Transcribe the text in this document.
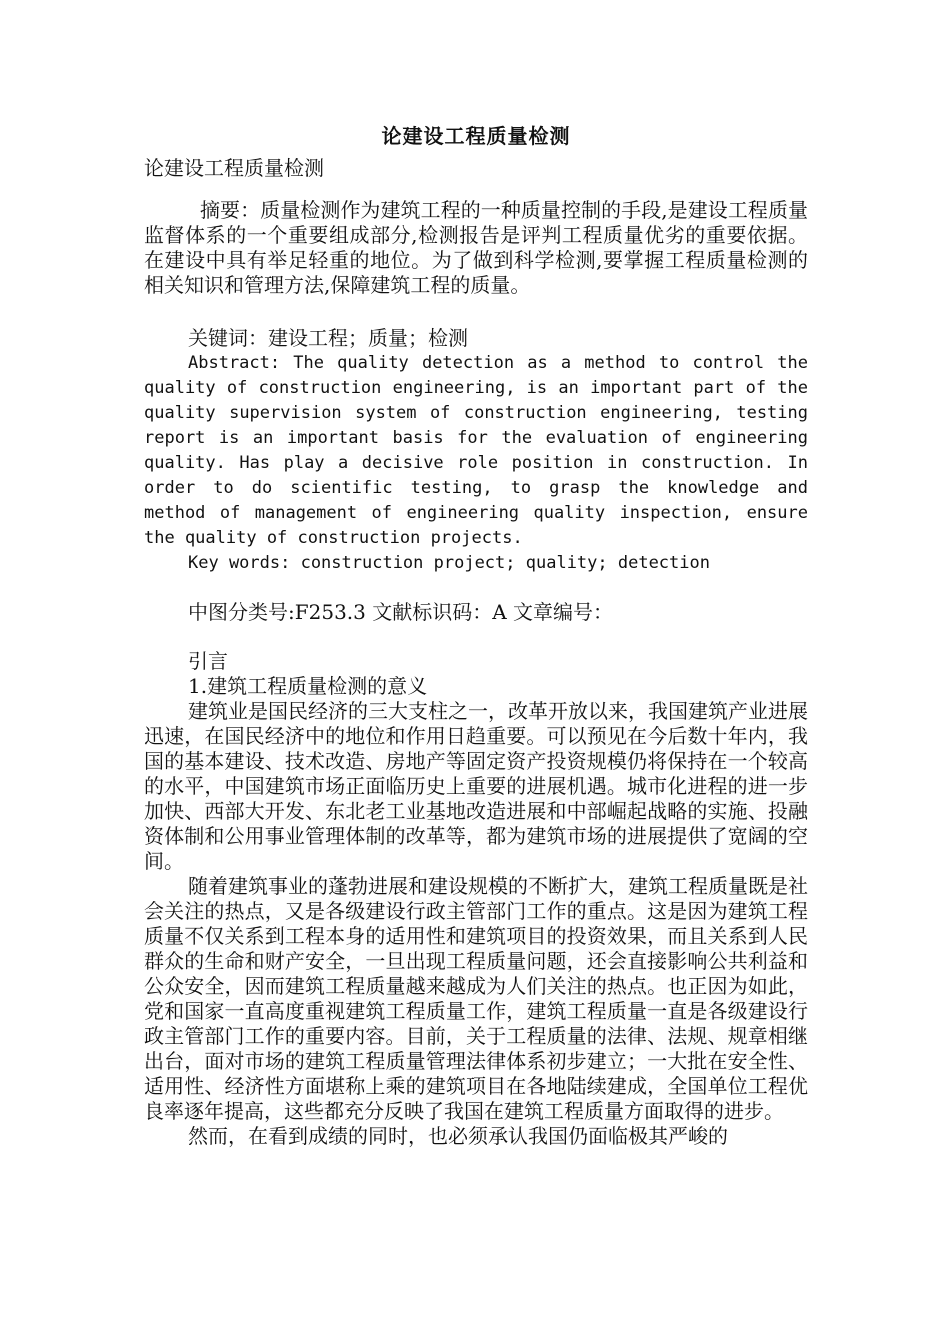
论建设工程质量检测
论建设工程质量检测

摘要：质量检测作为建筑工程的一种质量控制的手段,是建设工程质量监督体系的一个重要组成部分,检测报告是评判工程质量优劣的重要依据。在建设中具有举足轻重的地位。为了做到科学检测,要掌握工程质量检测的相关知识和管理方法,保障建筑工程的质量。

关键词：建设工程；质量；检测

Abstract: The quality detection as a method to control the quality of construction engineering, is an important part of the quality supervision system of construction engineering, testing report is an important basis for the evaluation of engineering quality. Has play a decisive role position in construction. In order to do scientific testing, to grasp the knowledge and method of management of engineering quality inspection, ensure the quality of construction projects.

Key words: construction project; quality; detection

中图分类号:F253.3 文献标识码：A 文章编号：

引言

1.建筑工程质量检测的意义

建筑业是国民经济的三大支柱之一，改革开放以来，我国建筑产业进展迅速，在国民经济中的地位和作用日趋重要。可以预见在今后数十年内，我国的基本建设、技术改造、房地产等固定资产投资规模仍将保持在一个较高的水平，中国建筑市场正面临历史上重要的进展机遇。城市化进程的进一步加快、西部大开发、东北老工业基地改造进展和中部崛起战略的实施、投融资体制和公用事业管理体制的改革等，都为建筑市场的进展提供了宽阔的空间。

随着建筑事业的蓬勃进展和建设规模的不断扩大，建筑工程质量既是社会关注的热点，又是各级建设行政主管部门工作的重点。这是因为建筑工程质量不仅关系到工程本身的适用性和建筑项目的投资效果，而且关系到人民群众的生命和财产安全，一旦出现工程质量问题，还会直接影响公共利益和公众安全，因而建筑工程质量越来越成为人们关注的热点。也正因为如此，党和国家一直高度重视建筑工程质量工作，建筑工程质量一直是各级建设行政主管部门工作的重要内容。目前，关于工程质量的法律、法规、规章相继出台，面对市场的建筑工程质量管理法律体系初步建立；一大批在安全性、适用性、经济性方面堪称上乘的建筑项目在各地陆续建成，全国单位工程优良率逐年提高，这些都充分反映了我国在建筑工程质量方面取得的进步。

然而，在看到成绩的同时，也必须承认我国仍面临极其严峻的
